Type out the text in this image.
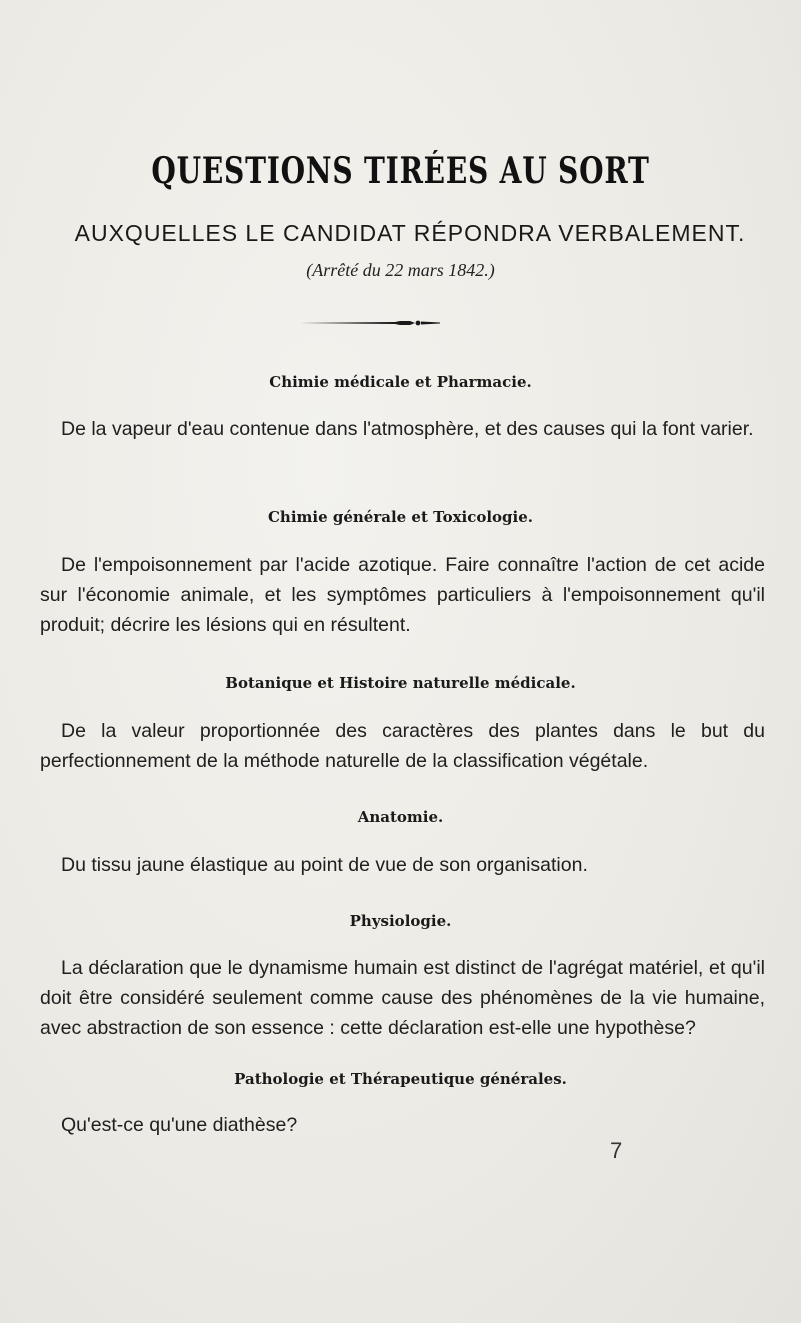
QUESTIONS TIRÉES AU SORT
AUXQUELLES LE CANDIDAT RÉPONDRA VERBALEMENT.
(Arrêté du 22 mars 1842.)
Chimie médicale et Pharmacie.
De la vapeur d'eau contenue dans l'atmosphère, et des causes qui la font varier.
Chimie générale et Toxicologie.
De l'empoisonnement par l'acide azotique. Faire connaître l'action de cet acide sur l'économie animale, et les symptômes particuliers à l'empoisonnement qu'il produit; décrire les lésions qui en résultent.
Botanique et Histoire naturelle médicale.
De la valeur proportionnée des caractères des plantes dans le but du perfectionnement de la méthode naturelle de la classification végétale.
Anatomie.
Du tissu jaune élastique au point de vue de son organisation.
Physiologie.
La déclaration que le dynamisme humain est distinct de l'agrégat matériel, et qu'il doit être considéré seulement comme cause des phénomènes de la vie humaine, avec abstraction de son essence : cette déclaration est-elle une hypothèse?
Pathologie et Thérapeutique générales.
Qu'est-ce qu'une diathèse?
7
